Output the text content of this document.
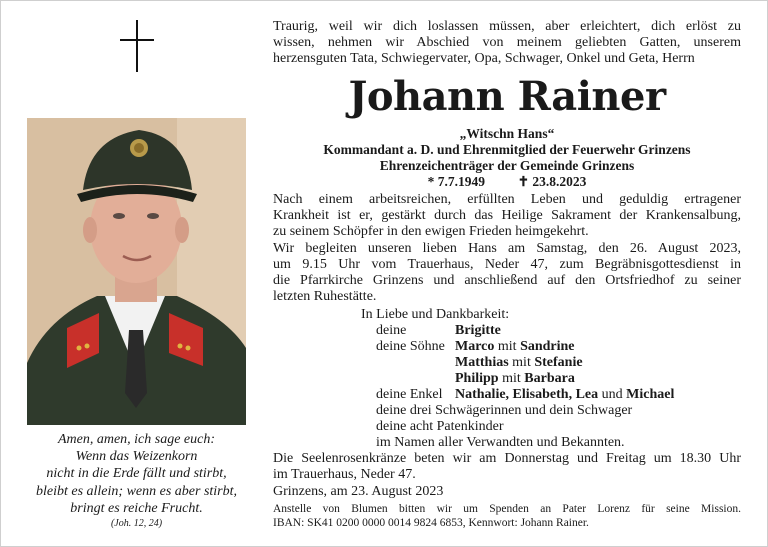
Amen, amen, ich sage euch:
Wenn das Weizenkorn
nicht in die Erde fällt und stirbt,
bleibt es allein; wenn es aber stirbt,
bringt es reiche Frucht.
(Joh. 12, 24)
Traurig, weil wir dich loslassen müssen, aber erleichtert, dich erlöst zu
wissen, nehmen wir Abschied von meinem geliebten Gatten, unserem
herzensguten Tata, Schwiegervater, Opa, Schwager, Onkel und Geta, Herrn
Johann Rainer
„Witschn Hans“
Kommandant a. D. und Ehrenmitglied der Feuerwehr Grinzens
Ehrenzeichenträger der Gemeinde Grinzens
* 7.7.1949 ✝ 23.8.2023
Nach einem arbeitsreichen, erfüllten Leben und geduldig ertragener
Krankheit ist er, gestärkt durch das Heilige Sakrament der Krankensalbung,
zu seinem Schöpfer in den ewigen Frieden heimgekehrt.
Wir begleiten unseren lieben Hans am Samstag, den 26. August 2023,
um 9.15 Uhr vom Trauerhaus, Neder 47, zum Begräbnisgottesdienst in
die Pfarrkirche Grinzens und anschließend auf den Ortsfriedhof zu seiner
letzten Ruhestätte.
In Liebe und Dankbarkeit:
deine	Brigitte
deine Söhne Marco mit Sandrine
Matthias mit Stefanie
Philipp mit Barbara
deine Enkel Nathalie, Elisabeth, Lea und Michael
deine drei Schwägerinnen und dein Schwager
deine acht Patenkinder
im Namen aller Verwandten und Bekannten.
Die Seelenrosenkränze beten wir am Donnerstag und Freitag um 18.30 Uhr
im Trauerhaus, Neder 47.
Grinzens, am 23. August 2023
Anstelle von Blumen bitten wir um Spenden an Pater Lorenz für seine Mission.
IBAN: SK41 0200 0000 0014 9824 6853, Kennwort: Johann Rainer.
